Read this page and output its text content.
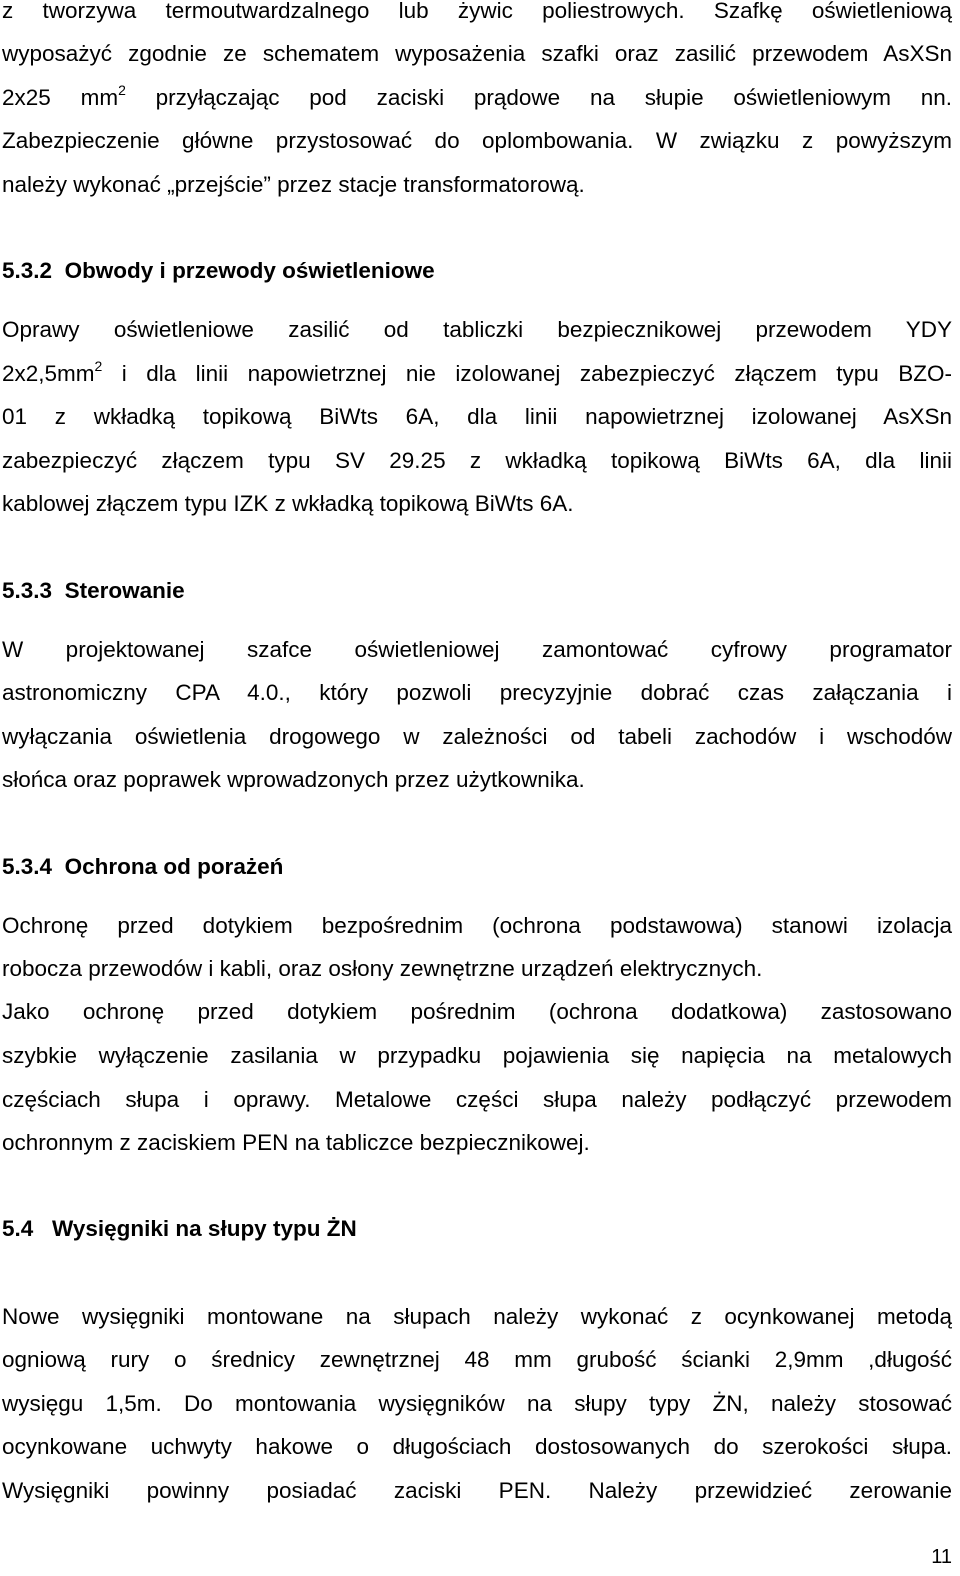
z tworzywa termoutwardzalnego lub żywic poliestrowych. Szafkę oświetleniową
wyposażyć zgodnie ze schematem wyposażenia szafki oraz zasilić przewodem AsXSn
2x25 $mm^2$ przyłączając pod zaciski prądowe na słupie oświetleniowym nn.
Zabezpieczenie główne przystosować do oplombowania. W związku z powyższym
należy wykonać „przejście” przez stacje transformatorową.
5.3.2 Obwody i przewody oświetleniowe
Oprawy oświetleniowe zasilić od tabliczki bezpiecznikowej przewodem YDY
$2x2,5mm^2$ i dla linii napowietrznej nie izolowanej zabezpieczyć złączem typu BZO-
01 z wkładką topikową BiWts 6A, dla linii napowietrznej izolowanej AsXSn
zabezpieczyć złączem typu SV 29.25 z wkładką topikową BiWts 6A, dla linii
kablowej złączem typu IZK z wkładką topikową BiWts 6A.
5.3.3 Sterowanie
W projektowanej szafce oświetleniowej zamontować cyfrowy programator
astronomiczny CPA 4.0., który pozwoli precyzyjnie dobrać czas załączania i
wyłączania oświetlenia drogowego w zależności od tabeli zachodów i wschodów
słońca oraz poprawek wprowadzonych przez użytkownika.
5.3.4 Ochrona od porażeń
Ochronę przed dotykiem bezpośrednim (ochrona podstawowa) stanowi izolacja
robocza przewodów i kabli, oraz osłony zewnętrzne urządzeń elektrycznych.
Jako ochronę przed dotykiem pośrednim (ochrona dodatkowa) zastosowano
szybkie wyłączenie zasilania w przypadku pojawienia się napięcia na metalowych
częściach słupa i oprawy. Metalowe części słupa należy podłączyć przewodem
ochronnym z zaciskiem PEN na tabliczce bezpiecznikowej.
5.4 Wysięgniki na słupy typu ŻN
Nowe wysięgniki montowane na słupach należy wykonać z ocynkowanej metodą
ogniową rury o średnicy zewnętrznej 48 mm grubość ścianki 2,9mm ,długość
wysięgu 1,5m. Do montowania wysięgników na słupy typy ŻN, należy stosować
ocynkowane uchwyty hakowe o długościach dostosowanych do szerokości słupa.
Wysięgniki powinny posiadać zaciski PEN. Należy przewidzieć zerowanie
11
